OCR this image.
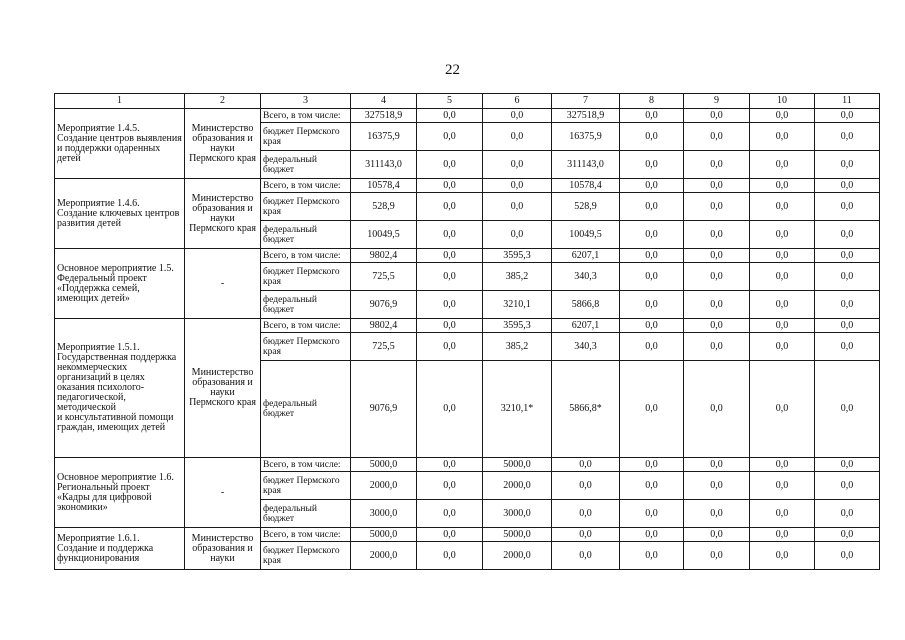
22
1	2	3	4	5	6	7	8	9	10	11
Мероприятие 1.4.5.
Создание центров выявления и поддержки одаренных детей	Министерство образования и науки Пермского края	Всего, в том числе:	327518,9	0,0	0,0	327518,9	0,0	0,0	0,0	0,0
		бюджет Пермского края	16375,9	0,0	0,0	16375,9	0,0	0,0	0,0	0,0
		федеральный бюджет	311143,0	0,0	0,0	311143,0	0,0	0,0	0,0	0,0
Мероприятие 1.4.6.
Создание ключевых центров развития детей	Министерство образования и науки Пермского края	Всего, в том числе:	10578,4	0,0	0,0	10578,4	0,0	0,0	0,0	0,0
		бюджет Пермского края	528,9	0,0	0,0	528,9	0,0	0,0	0,0	0,0
		федеральный бюджет	10049,5	0,0	0,0	10049,5	0,0	0,0	0,0	0,0
Основное мероприятие 1.5.
Федеральный проект «Поддержка семей, имеющих детей»	-	Всего, в том числе:	9802,4	0,0	3595,3	6207,1	0,0	0,0	0,0	0,0
		бюджет Пермского края	725,5	0,0	385,2	340,3	0,0	0,0	0,0	0,0
		федеральный бюджет	9076,9	0,0	3210,1	5866,8	0,0	0,0	0,0	0,0
Мероприятие 1.5.1.
Государственная поддержка некоммерческих организаций в целях оказания психолого-педагогической, методической
и консультативной помощи граждан, имеющих детей	Министерство образования и науки Пермского края	Всего, в том числе:	9802,4	0,0	3595,3	6207,1	0,0	0,0	0,0	0,0
		бюджет Пермского края	725,5	0,0	385,2	340,3	0,0	0,0	0,0	0,0
		федеральный бюджет	9076,9	0,0	3210,1*	5866,8*	0,0	0,0	0,0	0,0
Основное мероприятие 1.6.
Региональный проект «Кадры для цифровой экономики»	-	Всего, в том числе:	5000,0	0,0	5000,0	0,0	0,0	0,0	0,0	0,0
		бюджет Пермского края	2000,0	0,0	2000,0	0,0	0,0	0,0	0,0	0,0
		федеральный бюджет	3000,0	0,0	3000,0	0,0	0,0	0,0	0,0	0,0
Мероприятие 1.6.1.
Создание и поддержка функционирования	Министерство образования и науки	Всего, в том числе:	5000,0	0,0	5000,0	0,0	0,0	0,0	0,0	0,0
		бюджет Пермского края	2000,0	0,0	2000,0	0,0	0,0	0,0	0,0	0,0
